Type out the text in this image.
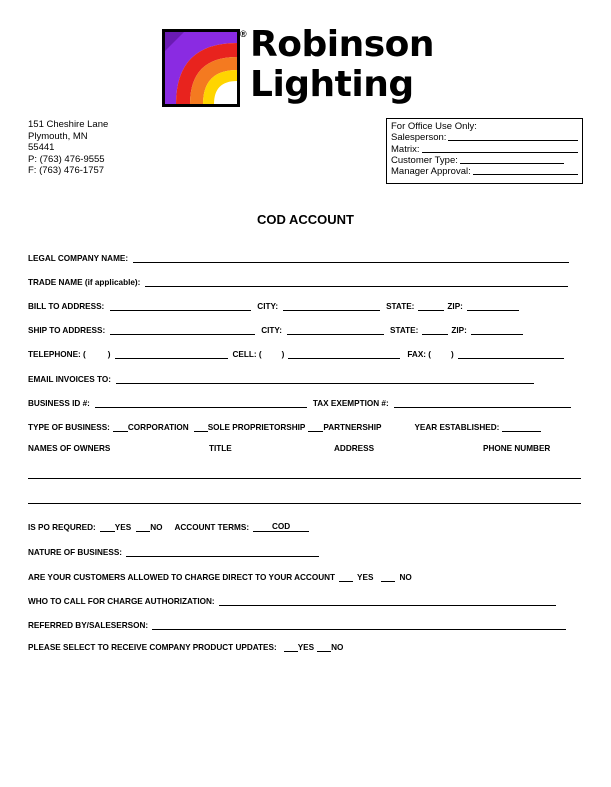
® Robinson
Lighting
151 Cheshire Lane
Plymouth, MN
55441
P: (763) 476-9555
F: (763) 476-1757
For Office Use Only:
Salesperson:
Matrix:
Customer Type:
Manager Approval:
COD ACCOUNT
LEGAL COMPANY NAME:
TRADE NAME (if applicable):
BILL TO ADDRESS:	CITY:	STATE:	ZIP:
SHIP TO ADDRESS:	CITY:	STATE:	ZIP:
TELEPHONE: (	)	CELL: ( )	FAX: ( )
EMAIL INVOICES TO:
BUSINESS ID #:	TAX EXEMPTION #:
TYPE OF BUSINESS: CORPORATION SOLE PROPRIETORSHIP PARTNERSHIP	YEAR ESTABLISHED:
NAMES OF OWNERS	TITLE	ADDRESS	PHONE NUMBER
IS PO REQURED: YES NO ACCOUNT TERMS:	COD
NATURE OF BUSINESS:
ARE YOUR CUSTOMERS ALLOWED TO CHARGE DIRECT TO YOUR ACCOUNT	YES	NO
WHO TO CALL FOR CHARGE AUTHORIZATION:
REFERRED BY/SALESERSON:
PLEASE SELECT TO RECEIVE COMPANY PRODUCT UPDATES:	YES NO
